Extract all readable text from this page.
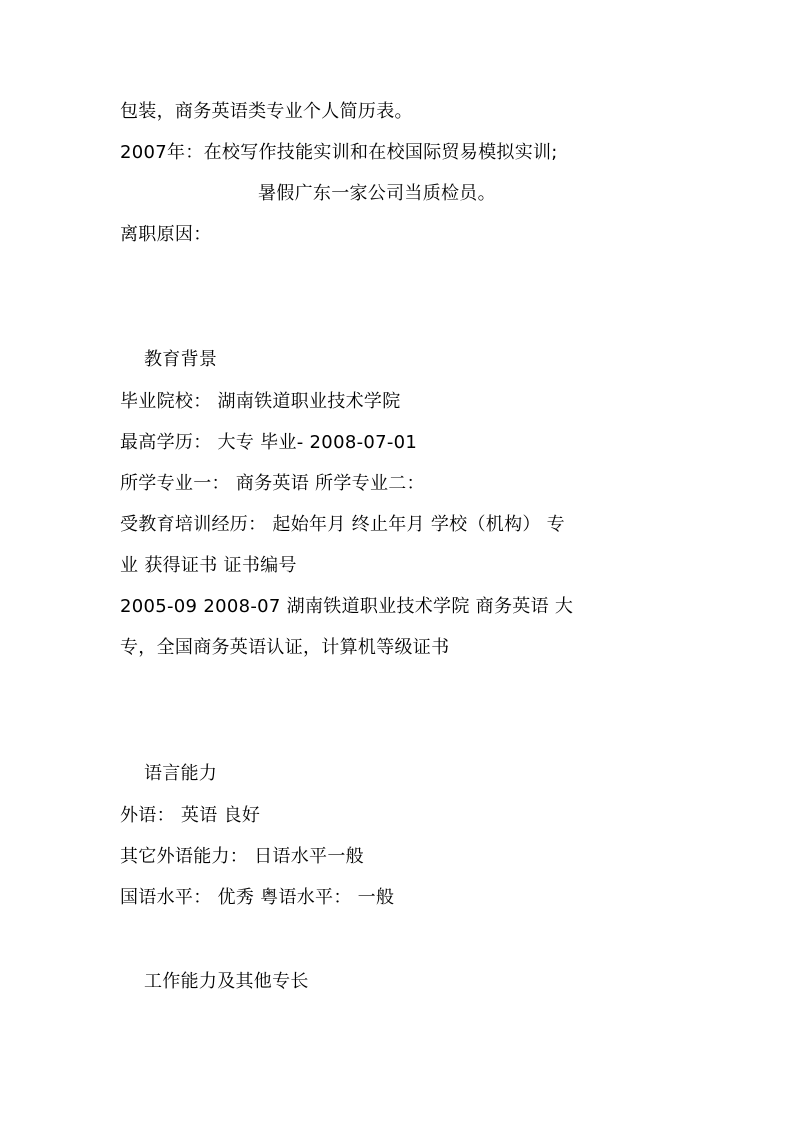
包装，商务英语类专业个人简历表。
2007年：在校写作技能实训和在校国际贸易模拟实训;
暑假广东一家公司当质检员。
离职原因：
教育背景
毕业院校： 湖南铁道职业技术学院
最高学历： 大专 毕业- 2008-07-01
所学专业一： 商务英语 所学专业二：
受教育培训经历： 起始年月 终止年月 学校（机构） 专
业 获得证书 证书编号
2005-09 2008-07 湖南铁道职业技术学院 商务英语 大
专，全国商务英语认证，计算机等级证书
语言能力
外语： 英语 良好
其它外语能力： 日语水平一般
国语水平： 优秀 粤语水平： 一般
工作能力及其他专长
